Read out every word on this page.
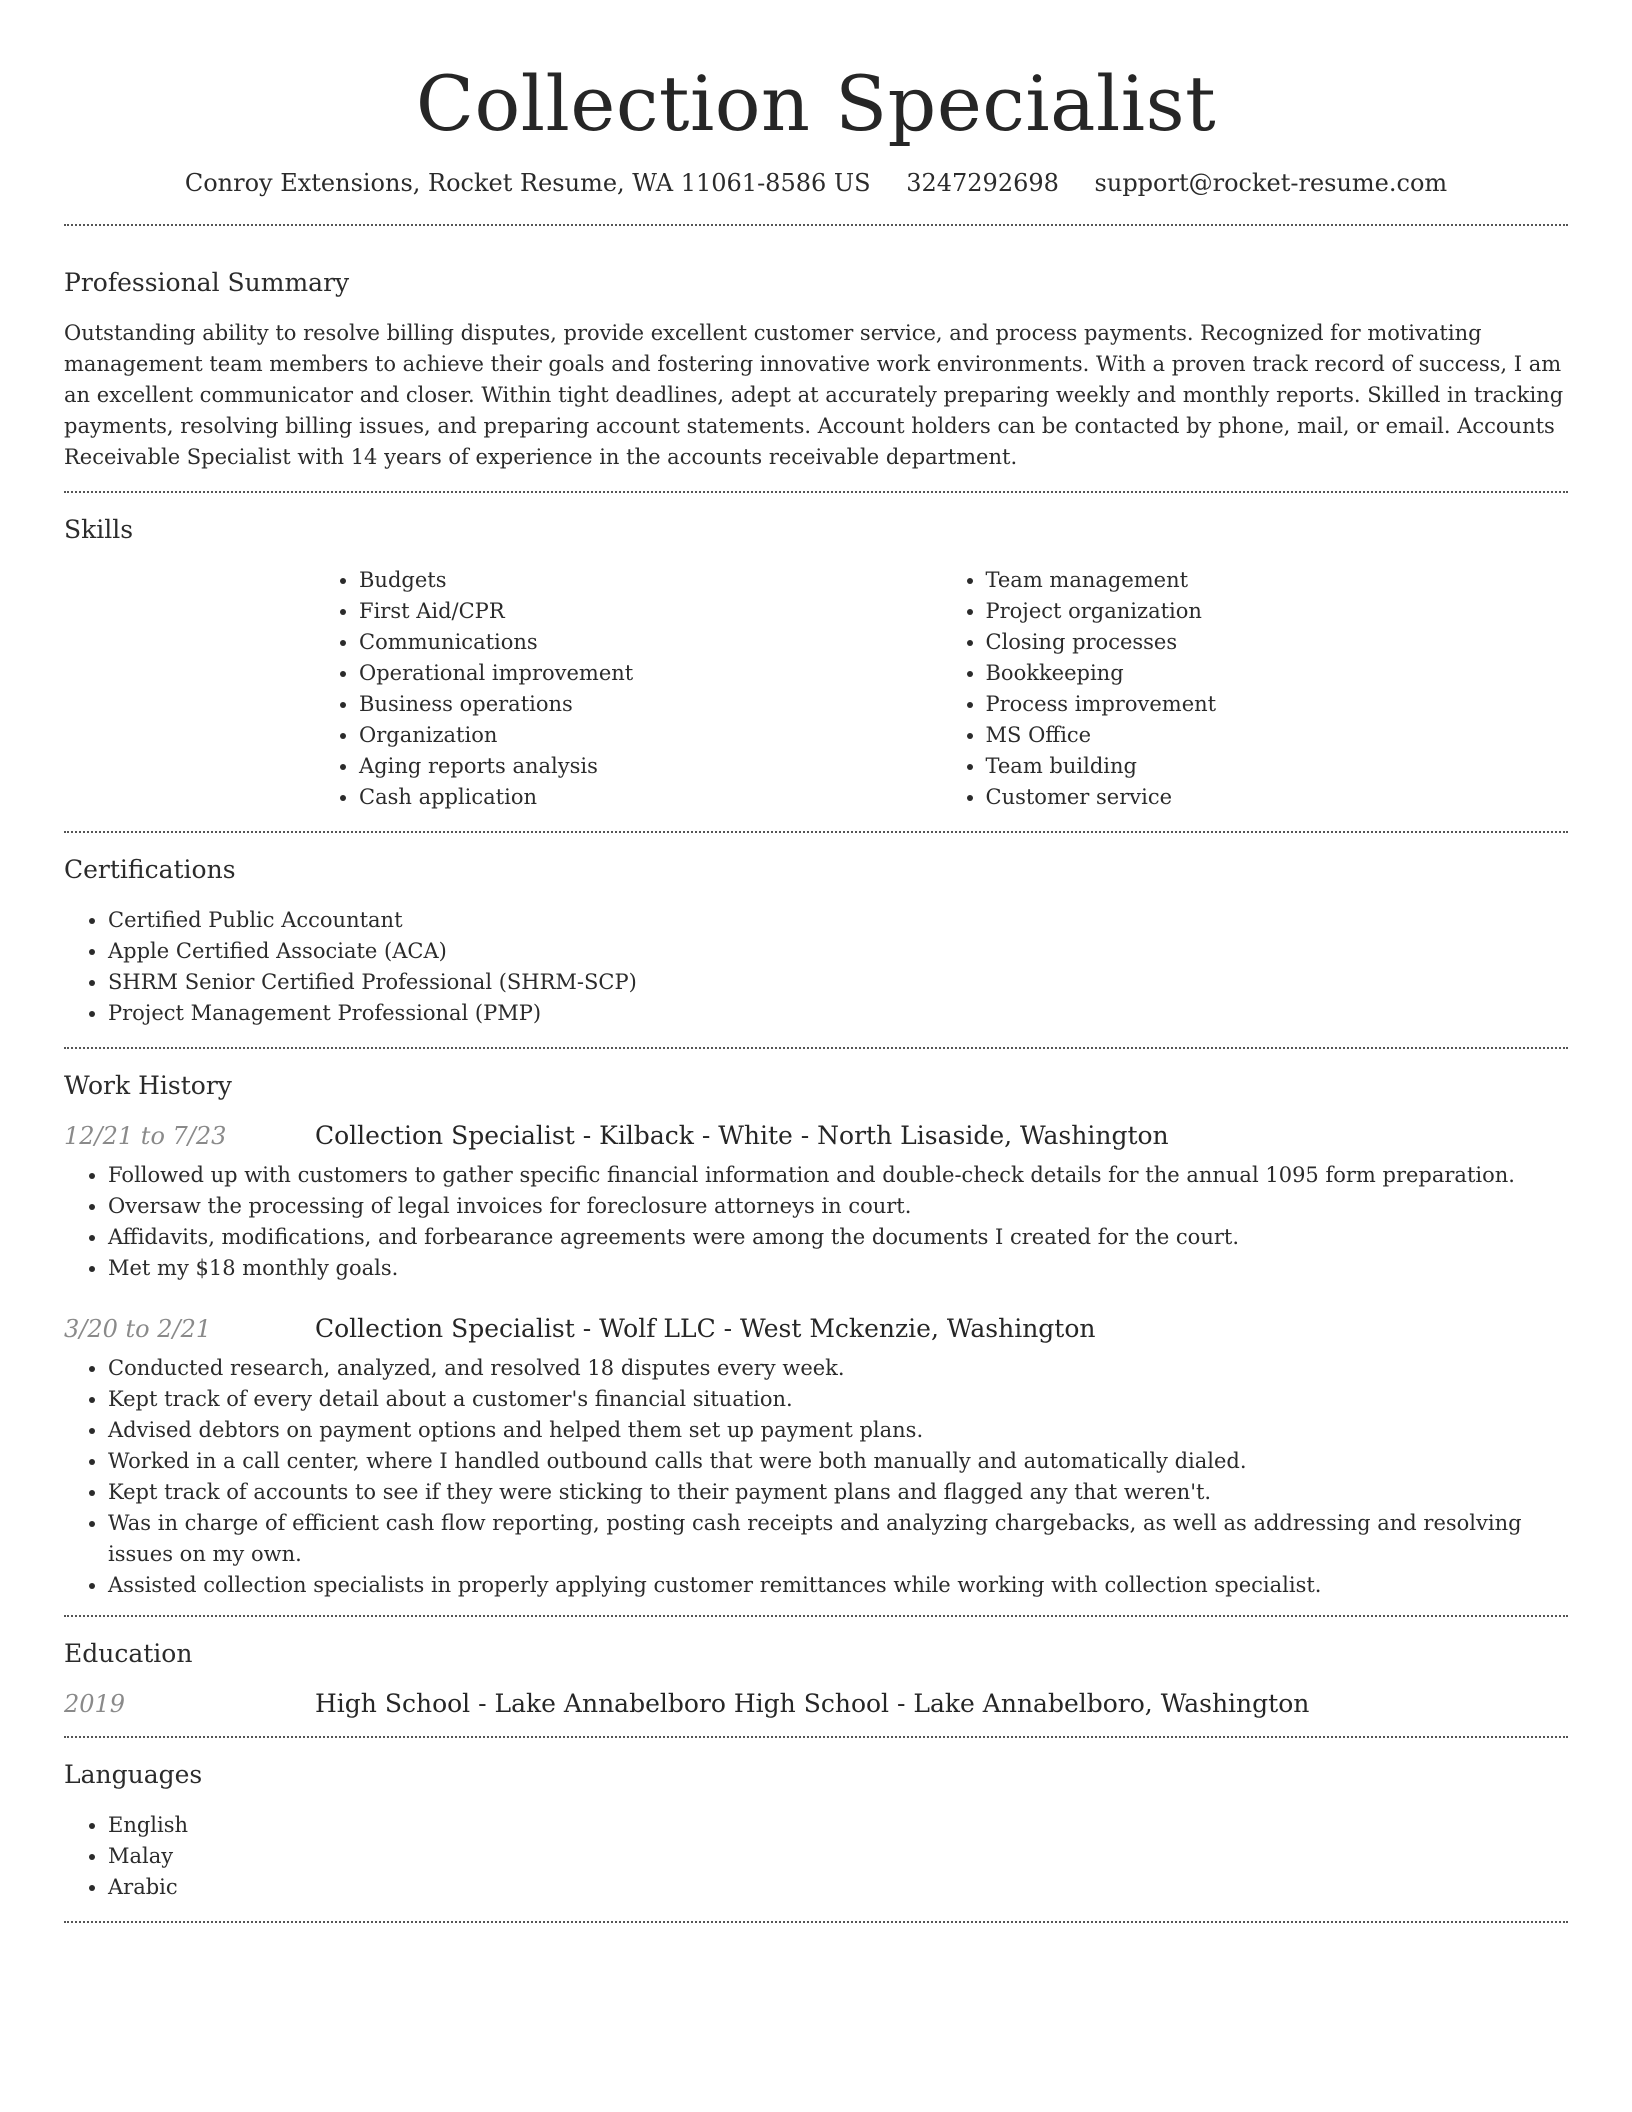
Collection Specialist
Conroy Extensions, Rocket Resume, WA 11061-8586 US 3247292698 support@rocket-resume.com
Professional Summary

Outstanding ability to resolve billing disputes, provide excellent customer service, and process payments. Recognized for motivating management team members to achieve their goals and fostering innovative work environments. With a proven track record of success, I am an excellent communicator and closer. Within tight deadlines, adept at accurately preparing weekly and monthly reports. Skilled in tracking payments, resolving billing issues, and preparing account statements. Account holders can be contacted by phone, mail, or email. Accounts Receivable Specialist with 14 years of experience in the accounts receivable department.

Skills
• Budgets
• First Aid/CPR
• Communications
• Operational improvement
• Business operations
• Organization
• Aging reports analysis
• Cash application
• Team management
• Project organization
• Closing processes
• Bookkeeping
• Process improvement
• MS Office
• Team building
• Customer service
Certifications
• Certified Public Accountant
• Apple Certified Associate (ACA)
• SHRM Senior Certified Professional (SHRM-SCP)
• Project Management Professional (PMP)
Work History
12/21 to 7/23	Collection Specialist - Kilback - White - North Lisaside, Washington
• Followed up with customers to gather specific financial information and double-check details for the annual 1095 form preparation.
• Oversaw the processing of legal invoices for foreclosure attorneys in court.
• Affidavits, modifications, and forbearance agreements were among the documents I created for the court.
• Met my $18 monthly goals.
3/20 to 2/21	Collection Specialist - Wolf LLC - West Mckenzie, Washington
• Conducted research, analyzed, and resolved 18 disputes every week.
• Kept track of every detail about a customer's financial situation.
• Advised debtors on payment options and helped them set up payment plans.
• Worked in a call center, where I handled outbound calls that were both manually and automatically dialed.
• Kept track of accounts to see if they were sticking to their payment plans and flagged any that weren't.
• Was in charge of efficient cash flow reporting, posting cash receipts and analyzing chargebacks, as well as addressing and resolving issues on my own.
• Assisted collection specialists in properly applying customer remittances while working with collection specialist.
Education
2019	High School - Lake Annabelboro High School - Lake Annabelboro, Washington
Languages
• English
• Malay
• Arabic
